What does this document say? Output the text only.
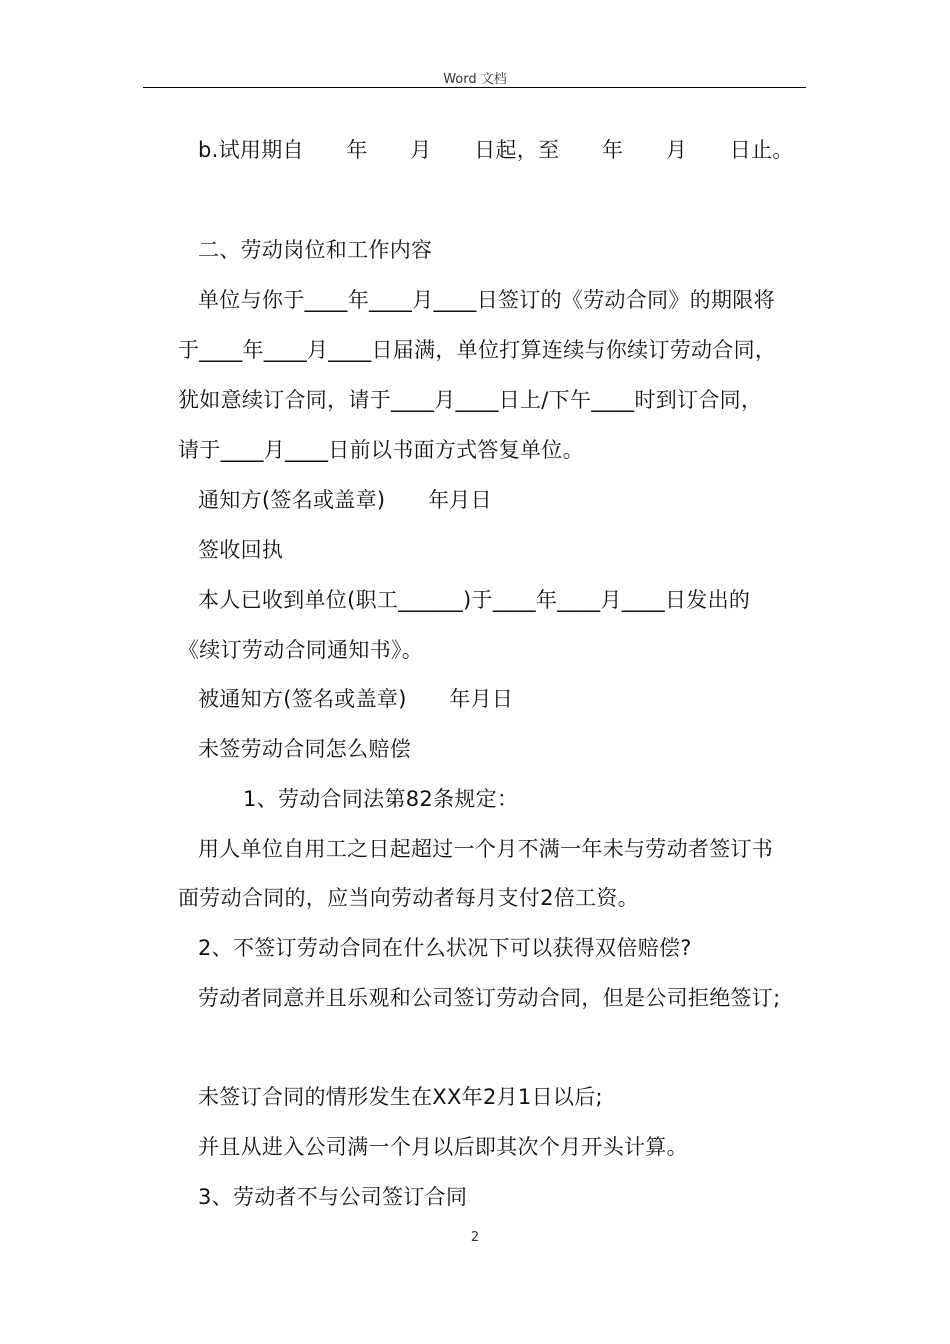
Word 文档
b.试用期自　　年　　月　　日起，至　　年　　月　　日止。
二、劳动岗位和工作内容
单位与你于____年____月____日签订的《劳动合同》的期限将
于____年____月____日届满，单位打算连续与你续订劳动合同，
犹如意续订合同，请于____月____日上/下午____时到订合同，
请于____月____日前以书面方式答复单位。
通知方(签名或盖章)　　年月日
签收回执
本人已收到单位(职工______)于____年____月____日发出的
《续订劳动合同通知书》。
被通知方(签名或盖章)　　年月日
未签劳动合同怎么赔偿
1、劳动合同法第82条规定：
用人单位自用工之日起超过一个月不满一年未与劳动者签订书
面劳动合同的，应当向劳动者每月支付2倍工资。
2、不签订劳动合同在什么状况下可以获得双倍赔偿?
劳动者同意并且乐观和公司签订劳动合同，但是公司拒绝签订;
未签订合同的情形发生在XX年2月1日以后;
并且从进入公司满一个月以后即其次个月开头计算。
3、劳动者不与公司签订合同
2
